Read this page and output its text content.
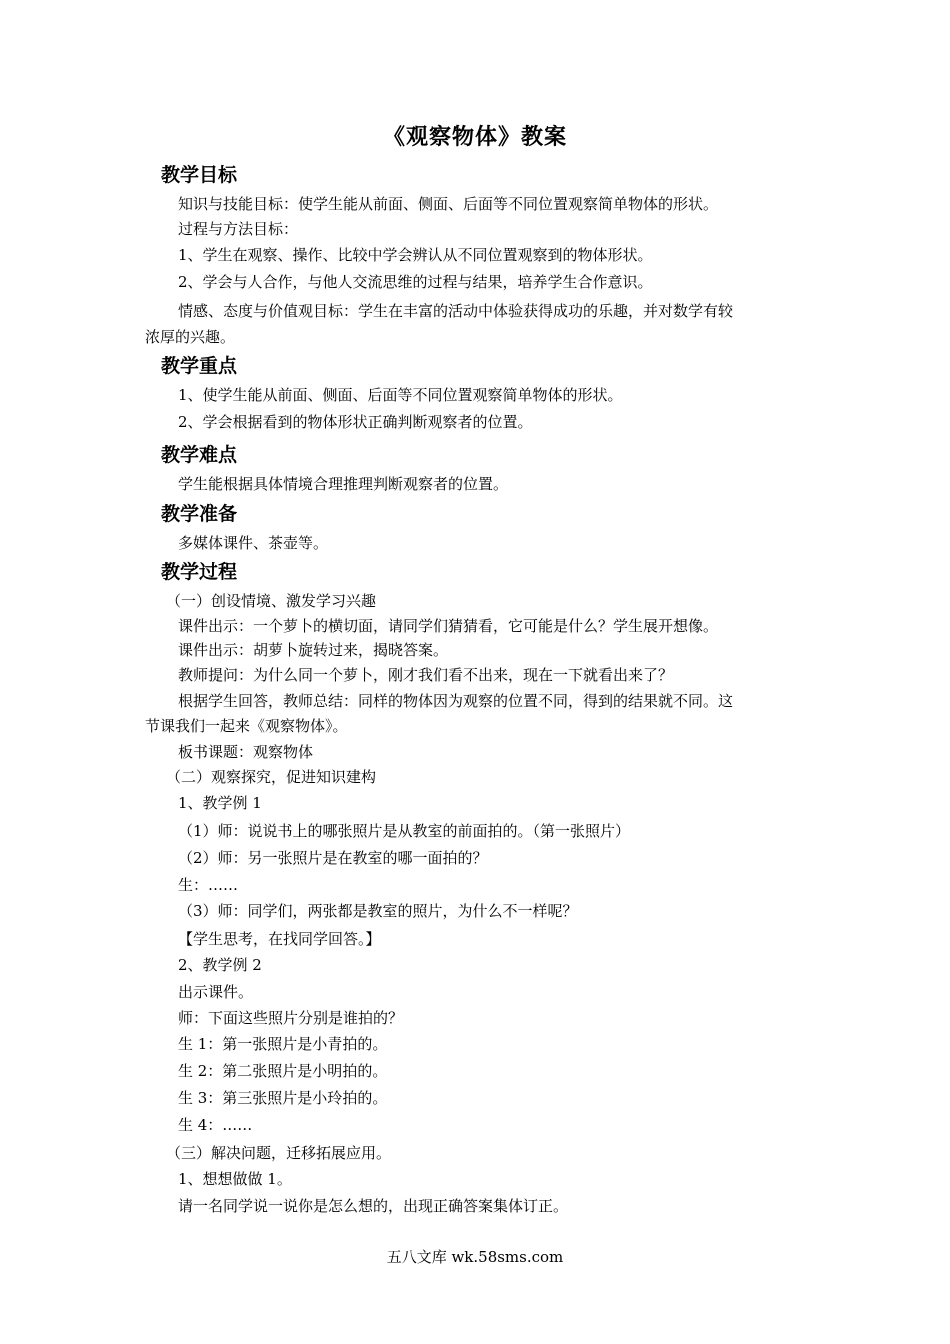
《观察物体》教案
教学目标
知识与技能目标：使学生能从前面、侧面、后面等不同位置观察简单物体的形状。
过程与方法目标：
1、学生在观察、操作、比较中学会辨认从不同位置观察到的物体形状。
2、学会与人合作，与他人交流思维的过程与结果，培养学生合作意识。
情感、态度与价值观目标：学生在丰富的活动中体验获得成功的乐趣，并对数学有较
浓厚的兴趣。
教学重点
1、使学生能从前面、侧面、后面等不同位置观察简单物体的形状。
2、学会根据看到的物体形状正确判断观察者的位置。
教学难点
学生能根据具体情境合理推理判断观察者的位置。
教学准备
多媒体课件、茶壶等。
教学过程
（一）创设情境、激发学习兴趣
课件出示：一个萝卜的横切面，请同学们猜猜看，它可能是什么？学生展开想像。
课件出示：胡萝卜旋转过来，揭晓答案。
教师提问：为什么同一个萝卜，刚才我们看不出来，现在一下就看出来了？
根据学生回答，教师总结：同样的物体因为观察的位置不同，得到的结果就不同。这
节课我们一起来《观察物体》。
板书课题：观察物体
（二）观察探究，促进知识建构
1、教学例 1
（1）师：说说书上的哪张照片是从教室的前面拍的。（第一张照片）
（2）师：另一张照片是在教室的哪一面拍的？
生：……
（3）师：同学们，两张都是教室的照片，为什么不一样呢？
【学生思考，在找同学回答。】
2、教学例 2
出示课件。
师：下面这些照片分别是谁拍的？
生 1：第一张照片是小青拍的。
生 2：第二张照片是小明拍的。
生 3：第三张照片是小玲拍的。
生 4：……
（三）解决问题，迁移拓展应用。
1、想想做做 1。
请一名同学说一说你是怎么想的，出现正确答案集体订正。
五八文库 wk.58sms.com
